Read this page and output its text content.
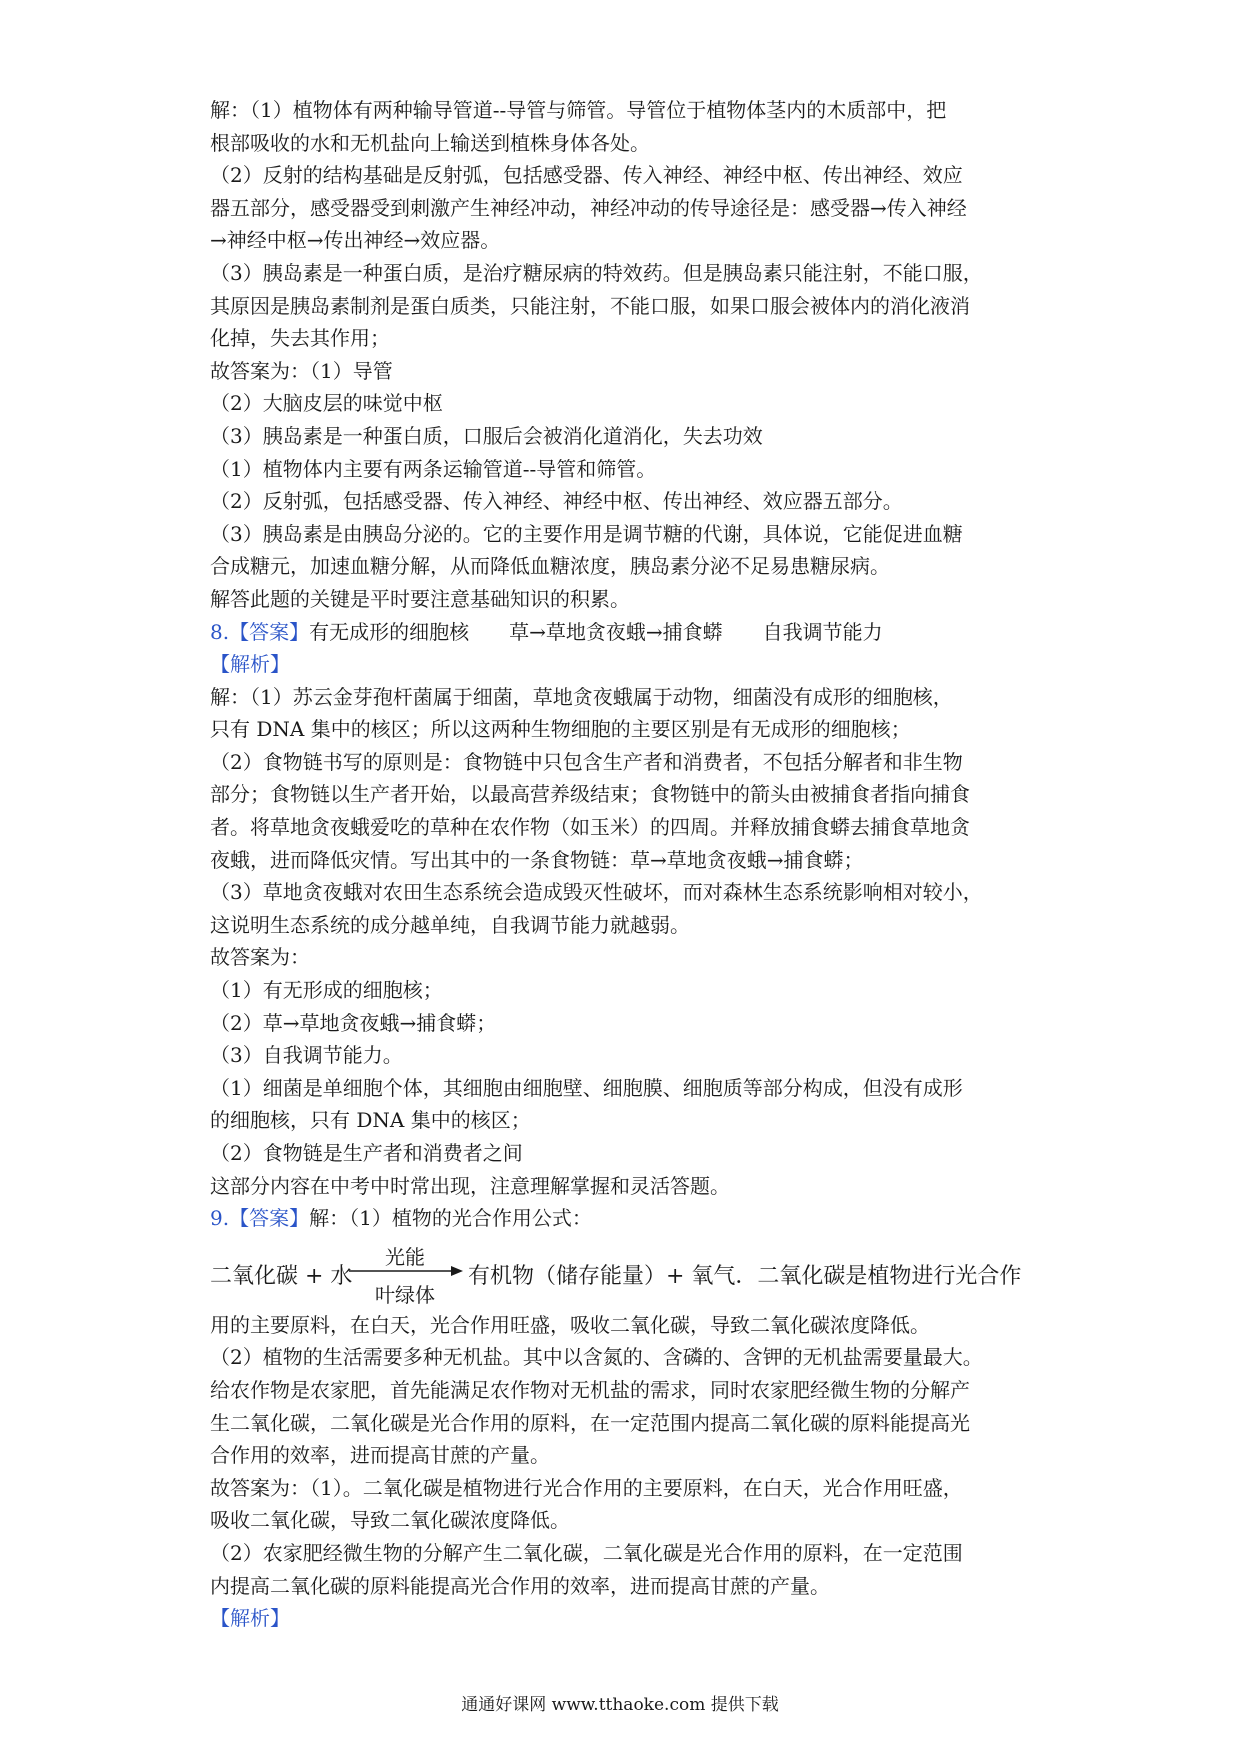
解：（1）植物体有两种输导管道--导管与筛管。导管位于植物体茎内的木质部中，把

根部吸收的水和无机盐向上输送到植株身体各处。

（2）反射的结构基础是反射弧，包括感受器、传入神经、神经中枢、传出神经、效应

器五部分，感受器受到刺激产生神经冲动，神经冲动的传导途径是：感受器→传入神经

→神经中枢→传出神经→效应器。

（3）胰岛素是一种蛋白质，是治疗糖尿病的特效药。但是胰岛素只能注射，不能口服，

其原因是胰岛素制剂是蛋白质类，只能注射，不能口服，如果口服会被体内的消化液消

化掉，失去其作用；

故答案为：（1）导管

（2）大脑皮层的味觉中枢

（3）胰岛素是一种蛋白质，口服后会被消化道消化，失去功效

（1）植物体内主要有两条运输管道--导管和筛管。

（2）反射弧，包括感受器、传入神经、神经中枢、传出神经、效应器五部分。

（3）胰岛素是由胰岛分泌的。它的主要作用是调节糖的代谢，具体说，它能促进血糖

合成糖元，加速血糖分解，从而降低血糖浓度，胰岛素分泌不足易患糖尿病。

解答此题的关键是平时要注意基础知识的积累。

8.【答案】有无成形的细胞核 草→草地贪夜蛾→捕食蟒 自我调节能力

【解析】

解：（1）苏云金芽孢杆菌属于细菌，草地贪夜蛾属于动物，细菌没有成形的细胞核，

只有 DNA 集中的核区；所以这两种生物细胞的主要区别是有无成形的细胞核；

（2）食物链书写的原则是：食物链中只包含生产者和消费者，不包括分解者和非生物

部分；食物链以生产者开始，以最高营养级结束；食物链中的箭头由被捕食者指向捕食

者。将草地贪夜蛾爱吃的草种在农作物（如玉米）的四周。并释放捕食蟒去捕食草地贪

夜蛾，进而降低灾情。写出其中的一条食物链：草→草地贪夜蛾→捕食蟒；

（3）草地贪夜蛾对农田生态系统会造成毁灭性破坏，而对森林生态系统影响相对较小，

这说明生态系统的成分越单纯，自我调节能力就越弱。

故答案为：

（1）有无形成的细胞核；

（2）草→草地贪夜蛾→捕食蟒；

（3）自我调节能力。

（1）细菌是单细胞个体，其细胞由细胞壁、细胞膜、细胞质等部分构成，但没有成形

的细胞核，只有 DNA 集中的核区；

（2）食物链是生产者和消费者之间

这部分内容在中考中时常出现，注意理解掌握和灵活答题。

9.【答案】解：（1）植物的光合作用公式：

二氧化碳 + 水
光能
叶绿体
有机物（储存能量）+ 氧气．二氧化碳是植物进行光合作

用的主要原料，在白天，光合作用旺盛，吸收二氧化碳，导致二氧化碳浓度降低。

（2）植物的生活需要多种无机盐。其中以含氮的、含磷的、含钾的无机盐需要量最大。

给农作物是农家肥，首先能满足农作物对无机盐的需求，同时农家肥经微生物的分解产

生二氧化碳，二氧化碳是光合作用的原料，在一定范围内提高二氧化碳的原料能提高光

合作用的效率，进而提高甘蔗的产量。

故答案为：（1）。二氧化碳是植物进行光合作用的主要原料，在白天，光合作用旺盛，

吸收二氧化碳，导致二氧化碳浓度降低。

（2）农家肥经微生物的分解产生二氧化碳，二氧化碳是光合作用的原料，在一定范围

内提高二氧化碳的原料能提高光合作用的效率，进而提高甘蔗的产量。

【解析】

通通好课网 www.tthaoke.com 提供下载
